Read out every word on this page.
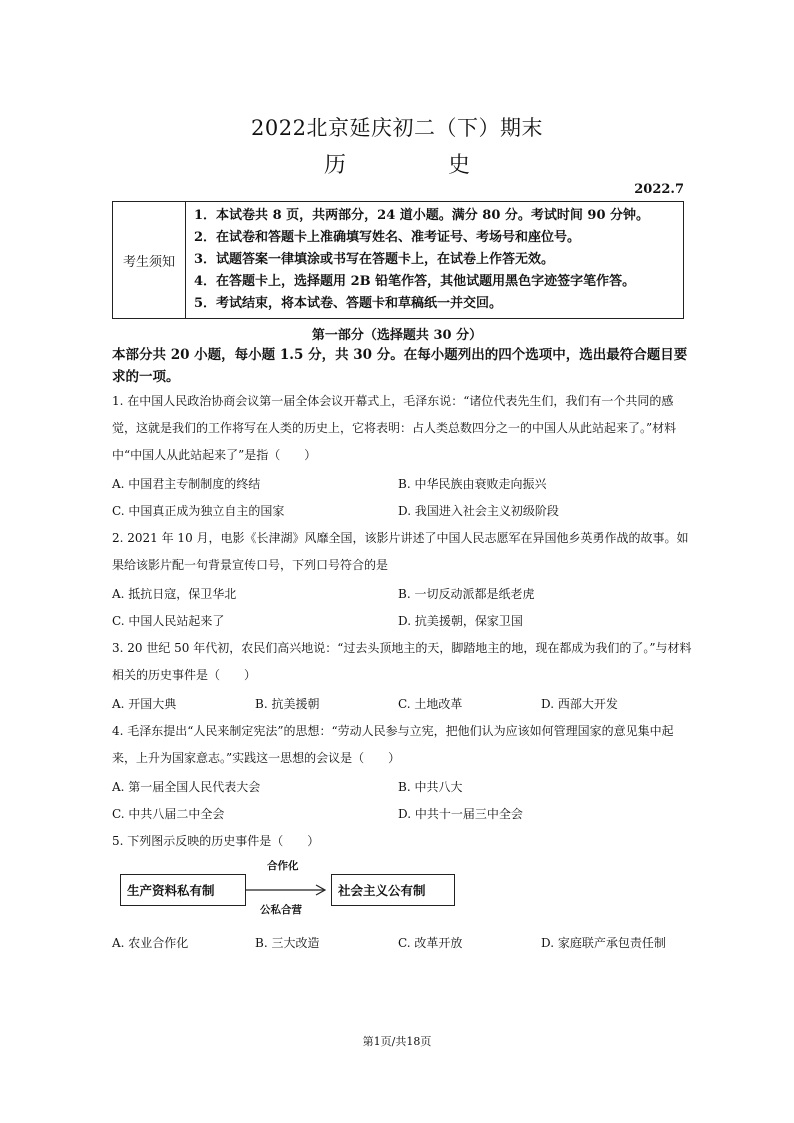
2022北京延庆初二（下）期末
历　史
2022.7
考生须知
1．本试卷共 8 页，共两部分，24 道小题。满分 80 分。考试时间 90 分钟。
2．在试卷和答题卡上准确填写姓名、准考证号、考场号和座位号。
3．试题答案一律填涂或书写在答题卡上，在试卷上作答无效。
4．在答题卡上，选择题用 2B 铅笔作答，其他试题用黑色字迹签字笔作答。
5．考试结束，将本试卷、答题卡和草稿纸一并交回。
第一部分（选择题共 30 分）
本部分共 20 小题，每小题 1.5 分，共 30 分。在每小题列出的四个选项中，选出最符合题目要求的一项。
1. 在中国人民政治协商会议第一届全体会议开幕式上，毛泽东说：“诸位代表先生们，我们有一个共同的感觉，这就是我们的工作将写在人类的历史上，它将表明：占人类总数四分之一的中国人从此站起来了。”材料中“中国人从此站起来了”是指（　　）
A. 中国君主专制制度的终结	B. 中华民族由衰败走向振兴
C. 中国真正成为独立自主的国家	D. 我国进入社会主义初级阶段
2. 2021 年 10 月，电影《长津湖》风靡全国，该影片讲述了中国人民志愿军在异国他乡英勇作战的故事。如果给该影片配一句背景宣传口号，下列口号符合的是
A. 抵抗日寇，保卫华北	B. 一切反动派都是纸老虎
C. 中国人民站起来了	D. 抗美援朝，保家卫国
3. 20 世纪 50 年代初，农民们高兴地说：“过去头顶地主的天，脚踏地主的地，现在都成为我们的了。”与材料相关的历史事件是（　　）
A. 开国大典	B. 抗美援朝	C. 土地改革	D. 西部大开发
4. 毛泽东提出“人民来制定宪法”的思想：“劳动人民参与立宪，把他们认为应该如何管理国家的意见集中起来，上升为国家意志。”实践这一思想的会议是（　　）
A. 第一届全国人民代表大会	B. 中共八大
C. 中共八届二中全会	D. 中共十一届三中全会
5. 下列图示反映的历史事件是（　　）
生产资料私有制
合作化
公私合营
社会主义公有制
A. 农业合作化	B. 三大改造	C. 改革开放	D. 家庭联产承包责任制
第1页/共18页
